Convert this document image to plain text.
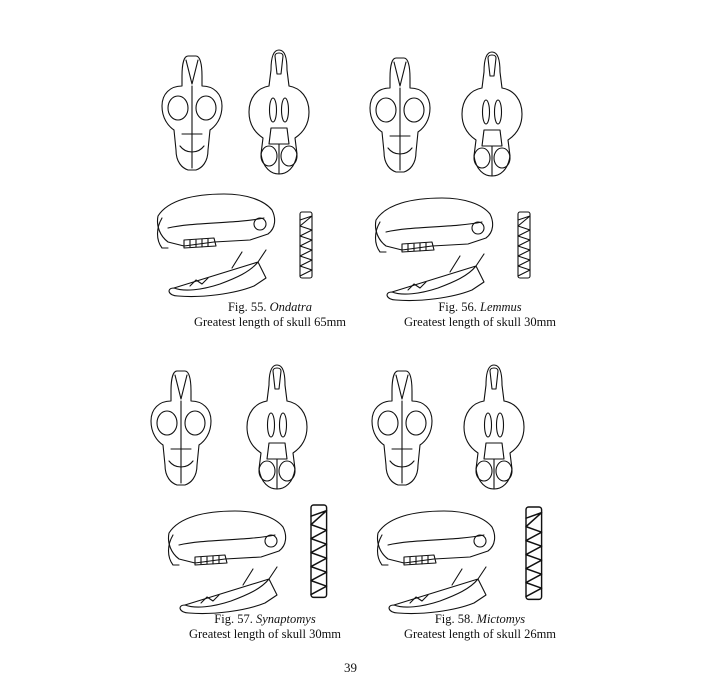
Fig. 55. Ondatra
Greatest length of skull 65mm
Fig. 56. Lemmus
Greatest length of skull 30mm
Fig. 57. Synaptomys
Greatest length of skull 30mm
Fig. 58. Mictomys
Greatest length of skull 26mm
39
